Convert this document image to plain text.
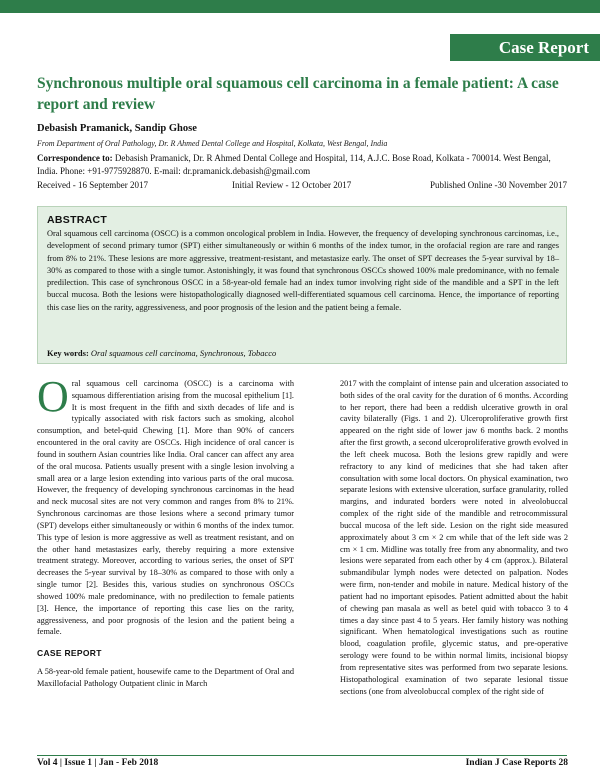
Case Report
Synchronous multiple oral squamous cell carcinoma in a female patient: A case report and review
Debasish Pramanick, Sandip Ghose
From Department of Oral Pathology, Dr. R Ahmed Dental College and Hospital, Kolkata, West Bengal, India
Correspondence to: Debasish Pramanick, Dr. R Ahmed Dental College and Hospital, 114, A.J.C. Bose Road, Kolkata - 700014. West Bengal, India. Phone: +91-9775928870. E-mail: dr.pramanick.debasish@gmail.com
Received - 16 September 2017	Initial Review - 12 October 2017	Published Online -30 November 2017
ABSTRACT
Oral squamous cell carcinoma (OSCC) is a common oncological problem in India. However, the frequency of developing synchronous carcinomas, i.e., development of second primary tumor (SPT) either simultaneously or within 6 months of the index tumor, in the orofacial region are rare and ranges from 8% to 21%. These lesions are more aggressive, treatment-resistant, and metastasize early. The onset of SPT decreases the 5-year survival by 18–30% as compared to those with a single tumor. Astonishingly, it was found that synchronous OSCCs showed 100% male predominance, with no female predilection. This case of synchronous OSCC in a 58-year-old female had an index tumor involving right side of the mandible and a SPT in the left buccal mucosa. Both the lesions were histopathologically diagnosed well-differentiated squamous cell carcinoma. Hence, the importance of reporting this case lies on the rarity, aggressiveness, and poor prognosis of the lesion and the patient being a female.
Key words: Oral squamous cell carcinoma, Synchronous, Tobacco

Oral squamous cell carcinoma (OSCC) is a carcinoma with squamous differentiation arising from the mucosal epithelium [1]. It is most frequent in the fifth and sixth decades of life and is typically associated with risk factors such as smoking, alcohol consumption, and betel-quid Chewing [1]. More than 90% of cancers encountered in the oral cavity are OSCCs. High incidence of oral cancer is found in southern Asian countries like India. Oral cancer can affect any area of the oral mucosa. Patients usually present with a single lesion involving a small area or a large lesion extending into various parts of the oral mucosa. However, the frequency of developing synchronous carcinomas in the head and neck mucosal sites are not very common and ranges from 8% to 21%. Synchronous carcinomas are those lesions where a second primary tumor (SPT) develops either simultaneously or within 6 months of the index tumor. This type of lesion is more aggressive as well as treatment resistant, and on the other hand metastasizes early, thereby requiring a more extensive treatment strategy. Moreover, according to various series, the onset of SPT decreases the 5-year survival by 18–30% as compared to those with only a single tumor [2]. Besides this, various studies on synchronous OSCCs showed 100% male predominance, with no predilection to female patients [3]. Hence, the importance of reporting this case lies on the rarity, aggressiveness, and poor prognosis of the lesion and the patient being a female.

CASE REPORT

A 58-year-old female patient, housewife came to the Department of Oral and Maxillofacial Pathology Outpatient clinic in March

2017 with the complaint of intense pain and ulceration associated to both sides of the oral cavity for the duration of 6 months. According to her report, there had been a reddish ulcerative growth in oral cavity bilaterally (Figs. 1 and 2). Ulceroproliferative growth first appeared on the right side of lower jaw 6 months back. 2 months after the first growth, a second ulceroproliferative growth evolved in the left cheek mucosa. Both the lesions grew rapidly and were refractory to any kind of medicines that she had taken after consultation with some local doctors. On physical examination, two separate lesions with extensive ulceration, surface granularity, rolled margins, and indurated borders were noted in alveolobuccal complex of the right side of the mandible and retrocommissural buccal mucosa of the left side. Lesion on the right side measured approximately about 3 cm × 2 cm while that of the left side was 2 cm × 1 cm. Midline was totally free from any abnormality, and two lesions were separated from each other by 4 cm (approx.). Bilateral submandibular lymph nodes were detected on palpation. Nodes were firm, non-tender and mobile in nature. Medical history of the patient had no important episodes. Patient admitted about the habit of chewing pan masala as well as betel quid with tobacco 3 to 4 times a day since past 4 to 5 years. Her family history was nothing significant. When hematological investigations such as routine blood, coagulation profile, glycemic status, and pre-operative serology were found to be within normal limits, incisional biopsy from representative sites was performed from two separate lesions. Histopathological examination of two separate lesional tissue sections (one from alveolobuccal complex of the right side of

Vol 4 | Issue 1 | Jan - Feb 2018	Indian J Case Reports 28
